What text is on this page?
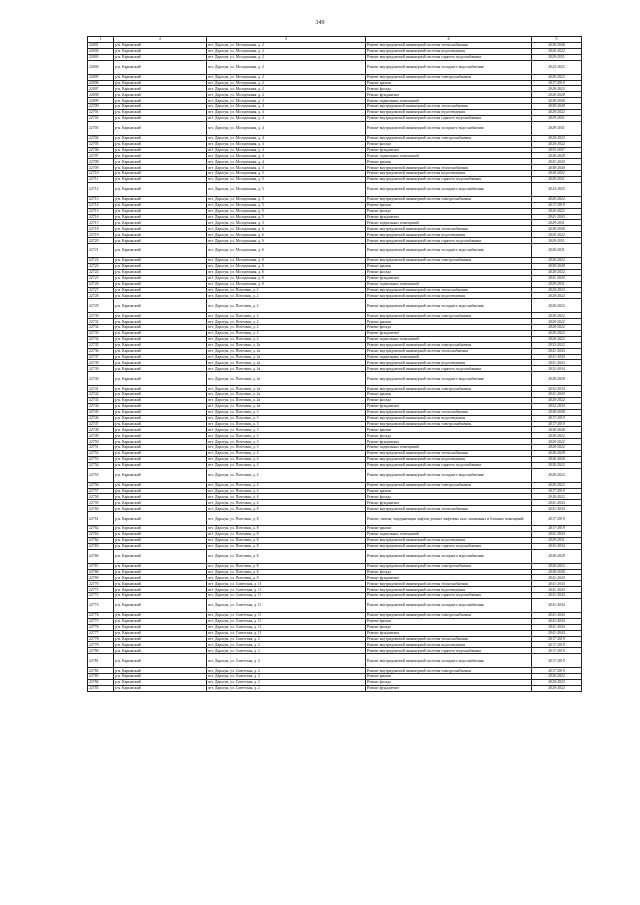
349
1	2	3	4	5
22691	р-н. Карымский	пгт. Дарасун, ул. Молодежная, д. 2	Ремонт внутридомовой инженерной системы теплоснабжения	2038-2040
22692	р-н. Карымский	пгт. Дарасун, ул. Молодежная, д. 2	Ремонт внутридомовой инженерной системы водоотведения	2020-2022
22693	р-н. Карымский	пгт. Дарасун, ул. Молодежная, д. 2	Ремонт внутридомовой инженерной системы горячего водоснабжения	2029-2031
22694	р-н. Карымский	пгт. Дарасун, ул. Молодежная, д. 2	Ремонт внутридомовой инженерной системы холодного водоснабжения	2023-2025
22695	р-н. Карымский	пгт. Дарасун, ул. Молодежная, д. 2	Ремонт внутридомовой инженерной системы электроснабжения	2020-2022
22696	р-н. Карымский	пгт. Дарасун, ул. Молодежная, д. 2	Ремонт крыши	2017-2019
22697	р-н. Карымский	пгт. Дарасун, ул. Молодежная, д. 2	Ремонт фасада	2020-2022
22698	р-н. Карымский	пгт. Дарасун, ул. Молодежная, д. 2	Ремонт фундамента	2026-2028
22699	р-н. Карымский	пгт. Дарасун, ул. Молодежная, д. 2	Ремонт подвальных помещений	2038-2040
22700	р-н. Карымский	пгт. Дарасун, ул. Молодежная, д. 4	Ремонт внутридомовой инженерной системы теплоснабжения	2038-2040
22701	р-н. Карымский	пгт. Дарасун, ул. Молодежная, д. 4	Ремонт внутридомовой инженерной системы водоотведения	2020-2022
22702	р-н. Карымский	пгт. Дарасун, ул. Молодежная, д. 4	Ремонт внутридомовой инженерной системы горячего водоснабжения	2029-2031
22703	р-н. Карымский	пгт. Дарасун, ул. Молодежная, д. 4	Ремонт внутридомовой инженерной системы холодного водоснабжения	2029-2031
22704	р-н. Карымский	пгт. Дарасун, ул. Молодежная, д. 4	Ремонт внутридомовой инженерной системы электроснабжения	2020-2022
22705	р-н. Карымский	пгт. Дарасун, ул. Молодежная, д. 4	Ремонт фасада	2020-2022
22706	р-н. Карымский	пгт. Дарасун, ул. Молодежная, д. 4	Ремонт фундамента	2035-2037
22707	р-н. Карымский	пгт. Дарасун, ул. Молодежная, д. 4	Ремонт подвальных помещений	2026-2028
22708	р-н. Карымский	пгт. Дарасун, ул. Молодежная, д. 4	Ремонт крыши	2041-2043
22709	р-н. Карымский	пгт. Дарасун, ул. Молодежная, д. 5	Ремонт внутридомовой инженерной системы теплоснабжения	2038-2040
22710	р-н. Карымский	пгт. Дарасун, ул. Молодежная, д. 5	Ремонт внутридомовой инженерной системы водоотведения	2020-2022
22711	р-н. Карымский	пгт. Дарасун, ул. Молодежная, д. 5	Ремонт внутридомовой инженерной системы горячего водоснабжения	2029-2031
22712	р-н. Карымский	пгт. Дарасун, ул. Молодежная, д. 5	Ремонт внутридомовой инженерной системы холодного водоснабжения	2023-2025
22713	р-н. Карымский	пгт. Дарасун, ул. Молодежная, д. 5	Ремонт внутридомовой инженерной системы электроснабжения	2020-2022
22714	р-н. Карымский	пгт. Дарасун, ул. Молодежная, д. 5	Ремонт крыши	2017-2019
22715	р-н. Карымский	пгт. Дарасун, ул. Молодежная, д. 5	Ремонт фасада	2020-2022
22716	р-н. Карымский	пгт. Дарасун, ул. Молодежная, д. 5	Ремонт фундамента	2041-2043
22717	р-н. Карымский	пгт. Дарасун, ул. Молодежная, д. 5	Ремонт подвальных помещений	2029-2031
22718	р-н. Карымский	пгт. Дарасун, ул. Молодежная, д. 6	Ремонт внутридомовой инженерной системы теплоснабжения	2038-2040
22719	р-н. Карымский	пгт. Дарасун, ул. Молодежная, д. 6	Ремонт внутридомовой инженерной системы водоотведения	2020-2022
22720	р-н. Карымский	пгт. Дарасун, ул. Молодежная, д. 6	Ремонт внутридомовой инженерной системы горячего водоснабжения	2029-2031
22721	р-н. Карымский	пгт. Дарасун, ул. Молодежная, д. 6	Ремонт внутридомовой инженерной системы холодного водоснабжения	2020-2031
22722	р-н. Карымский	пгт. Дарасун, ул. Молодежная, д. 6	Ремонт внутридомовой инженерной системы электроснабжения	2020-2022
22723	р-н. Карымский	пгт. Дарасун, ул. Молодежная, д. 6	Ремонт крыши	2038-2040
22724	р-н. Карымский	пгт. Дарасун, ул. Молодежная, д. 6	Ремонт фасада	2020-2022
22725	р-н. Карымский	пгт. Дарасун, ул. Молодежная, д. 6	Ремонт фундамента	2041-2043
22726	р-н. Карымский	пгт. Дарасун, ул. Молодежная, д. 6	Ремонт подвальных помещений	2029-2031
22727	р-н. Карымский	пгт. Дарасун, ул. Почтовая, д. 2	Ремонт внутридомовой инженерной системы теплоснабжения	2020-2022
22728	р-н. Карымский	пгт. Дарасун, ул. Почтовая, д. 2	Ремонт внутридомовой инженерной системы водоотведения	2020-2022
22729	р-н. Карымский	пгт. Дарасун, ул. Почтовая, д. 2	Ремонт внутридомовой инженерной системы холодного водоснабжения	2020-2022
22730	р-н. Карымский	пгт. Дарасун, ул. Почтовая, д. 2	Ремонт внутридомовой инженерной системы электроснабжения	2020-2022
22731	р-н. Карымский	пгт. Дарасун, ул. Почтовая, д. 2	Ремонт крыши	2020-2022
22732	р-н. Карымский	пгт. Дарасун, ул. Почтовая, д. 2	Ремонт фасада	2020-2022
22733	р-н. Карымский	пгт. Дарасун, ул. Почтовая, д. 2	Ремонт фундамента	2020-2022
22734	р-н. Карымский	пгт. Дарасун, ул. Почтовая, д. 2	Ремонт подвальных помещений	2020-2022
22735	р-н. Карымский	пгт. Дарасун, ул. Почтовая, д. 2а	Ремонт внутридомовой инженерной системы электроснабжения	2032-2022
22736	р-н. Карымский	пгт. Дарасун, ул. Почтовая, д. 2а	Ремонт внутридомовой инженерной системы теплоснабжения	2041-2043
22737	р-н. Карымский	пгт. Дарасун, ул. Почтовая, д. 2а	Ремонт подвальных помещений	2041-2043
22738	р-н. Карымский	пгт. Дарасун, ул. Почтовая, д. 2а	Ремонт внутридомовой инженерной системы водоотведения	2041-2043
22739	р-н. Карымский	пгт. Дарасун, ул. Почтовая, д. 2а	Ремонт внутридомовой инженерной системы горячего водоснабжения	2032-2034
22740	р-н. Карымский	пгт. Дарасун, ул. Почтовая, д. 2а	Ремонт внутридомовой инженерной системы холодного водоснабжения	2026-2028
22741	р-н. Карымский	пгт. Дарасун, ул. Почтовая, д. 2а	Ремонт внутридомовой инженерной системы электроснабжения	2032-2034
22742	р-н. Карымский	пгт. Дарасун, ул. Почтовая, д. 2а	Ремонт крыши	2041-2043
22743	р-н. Карымский	пгт. Дарасун, ул. Почтовая, д. 2а	Ремонт фасада	2020-2022
22744	р-н. Карымский	пгт. Дарасун, ул. Почтовая, д. 2а	Ремонт фундамента	2032-2034
22745	р-н. Карымский	пгт. Дарасун, ул. Почтовая, д. 3	Ремонт внутридомовой инженерной системы теплоснабжения	2038-2040
22746	р-н. Карымский	пгт. Дарасун, ул. Почтовая, д. 3	Ремонт внутридомовой инженерной системы водоотведения	2017-2019
22747	р-н. Карымский	пгт. Дарасун, ул. Почтовая, д. 3	Ремонт внутридомовой инженерной системы электроснабжения	2017-2019
22748	р-н. Карымский	пгт. Дарасун, ул. Почтовая, д. 3	Ремонт крыши	2038-2040
22749	р-н. Карымский	пгт. Дарасун, ул. Почтовая, д. 3	Ремонт фасада	2020-2022
22750	р-н. Карымский	пгт. Дарасун, ул. Почтовая, д. 3	Ремонт фундамента	2020-2022
22751	р-н. Карымский	пгт. Дарасун, ул. Почтовая, д. 3	Ремонт подвальных помещений	2020-2022
22752	р-н. Карымский	пгт. Дарасун, ул. Почтовая, д. 4	Ремонт внутридомовой инженерной системы теплоснабжения	2026-2028
22753	р-н. Карымский	пгт. Дарасун, ул. Почтовая, д. 4	Ремонт внутридомовой инженерной системы водоотведения	2026-2028
22754	р-н. Карымский	пгт. Дарасун, ул. Почтовая, д. 4	Ремонт внутридомовой инженерной системы горячего водоснабжения	2020-2022
22755	р-н. Карымский	пгт. Дарасун, ул. Почтовая, д. 4	Ремонт внутридомовой инженерной системы холодного водоснабжения	2020-2022
22756	р-н. Карымский	пгт. Дарасун, ул. Почтовая, д. 4	Ремонт внутридомовой инженерной системы электроснабжения	2020-2022
22757	р-н. Карымский	пгт. Дарасун, ул. Почтовая, д. 4	Ремонт крыши	2017-2019
22758	р-н. Карымский	пгт. Дарасун, ул. Почтовая, д. 4	Ремонт фасада	2020-2022
22759	р-н. Карымский	пгт. Дарасун, ул. Почтовая, д. 4	Ремонт фундамента	2041-2043
22760	р-н. Карымский	пгт. Дарасун, ул. Почтовая, д. 8	Ремонт внутридомовой инженерной системы теплоснабжения	2041-2043
22761	р-н. Карымский	пгт. Дарасун, ул. Почтовая, д. 8	Ремонт, замена, модернизация лифтов, ремонт лифтовых шах, машинных и блочных помещений	2017-2019
22762	р-н. Карымский	пгт. Дарасун, ул. Почтовая, д. 8	Ремонт крыши	2017-2019
22763	р-н. Карымский	пгт. Дарасун, ул. Почтовая, д. 8	Ремонт подвальных помещений	2041-2043
22764	р-н. Карымский	пгт. Дарасун, ул. Почтовая, д. 8	Ремонт внутридомовой инженерной системы водоотведения	2029-2031
22765	р-н. Карымский	пгт. Дарасун, ул. Почтовая, д. 8	Ремонт внутридомовой инженерной системы горячего водоснабжения	2032-2034
22766	р-н. Карымский	пгт. Дарасун, ул. Почтовая, д. 8	Ремонт внутридомовой инженерной системы холодного водоснабжения	2026-2028
22767	р-н. Карымский	пгт. Дарасун, ул. Почтовая, д. 8	Ремонт внутридомовой инженерной системы электроснабжения	2020-2022
22768	р-н. Карымский	пгт. Дарасун, ул. Почтовая, д. 8	Ремонт фасада	2038-2040
22769	р-н. Карымский	пгт. Дарасун, ул. Почтовая, д. 8	Ремонт фундамента	2041-2043
22770	р-н. Карымский	пгт. Дарасун, ул. Советская, д. 11	Ремонт внутридомовой инженерной системы теплоснабжения	2041-2043
22771	р-н. Карымский	пгт. Дарасун, ул. Советская, д. 11	Ремонт внутридомовой инженерной системы водоотведения	2041-2043
22772	р-н. Карымский	пгт. Дарасун, ул. Советская, д. 11	Ремонт внутридомовой инженерной системы горячего водоснабжения	2041-2043
22773	р-н. Карымский	пгт. Дарасун, ул. Советская, д. 11	Ремонт внутридомовой инженерной системы холодного водоснабжения	2041-2043
22774	р-н. Карымский	пгт. Дарасун, ул. Советская, д. 11	Ремонт внутридомовой инженерной системы электроснабжения	2041-2043
22775	р-н. Карымский	пгт. Дарасун, ул. Советская, д. 11	Ремонт крыши	2041-2043
22776	р-н. Карымский	пгт. Дарасун, ул. Советская, д. 11	Ремонт фасада	2041-2043
22777	р-н. Карымский	пгт. Дарасун, ул. Советская, д. 11	Ремонт фундамента	2041-2043
22778	р-н. Карымский	пгт. Дарасун, ул. Советская, д. 2	Ремонт внутридомовой инженерной системы теплоснабжения	2017-2019
22779	р-н. Карымский	пгт. Дарасун, ул. Советская, д. 2	Ремонт внутридомовой инженерной системы водоотведения	2017-2019
22780	р-н. Карымский	пгт. Дарасун, ул. Советская, д. 2	Ремонт внутридомовой инженерной системы горячего водоснабжения	2017-2019
22781	р-н. Карымский	пгт. Дарасун, ул. Советская, д. 2	Ремонт внутридомовой инженерной системы холодного водоснабжения	2017-2019
22782	р-н. Карымский	пгт. Дарасун, ул. Советская, д. 2	Ремонт внутридомовой инженерной системы электроснабжения	2017-2019
22783	р-н. Карымский	пгт. Дарасун, ул. Советская, д. 2	Ремонт крыши	2020-2022
22784	р-н. Карымский	пгт. Дарасун, ул. Советская, д. 2	Ремонт фасада	2020-2022
22785	р-н. Карымский	пгт. Дарасун, ул. Советская, д. 2	Ремонт фундамента	2020-2022
